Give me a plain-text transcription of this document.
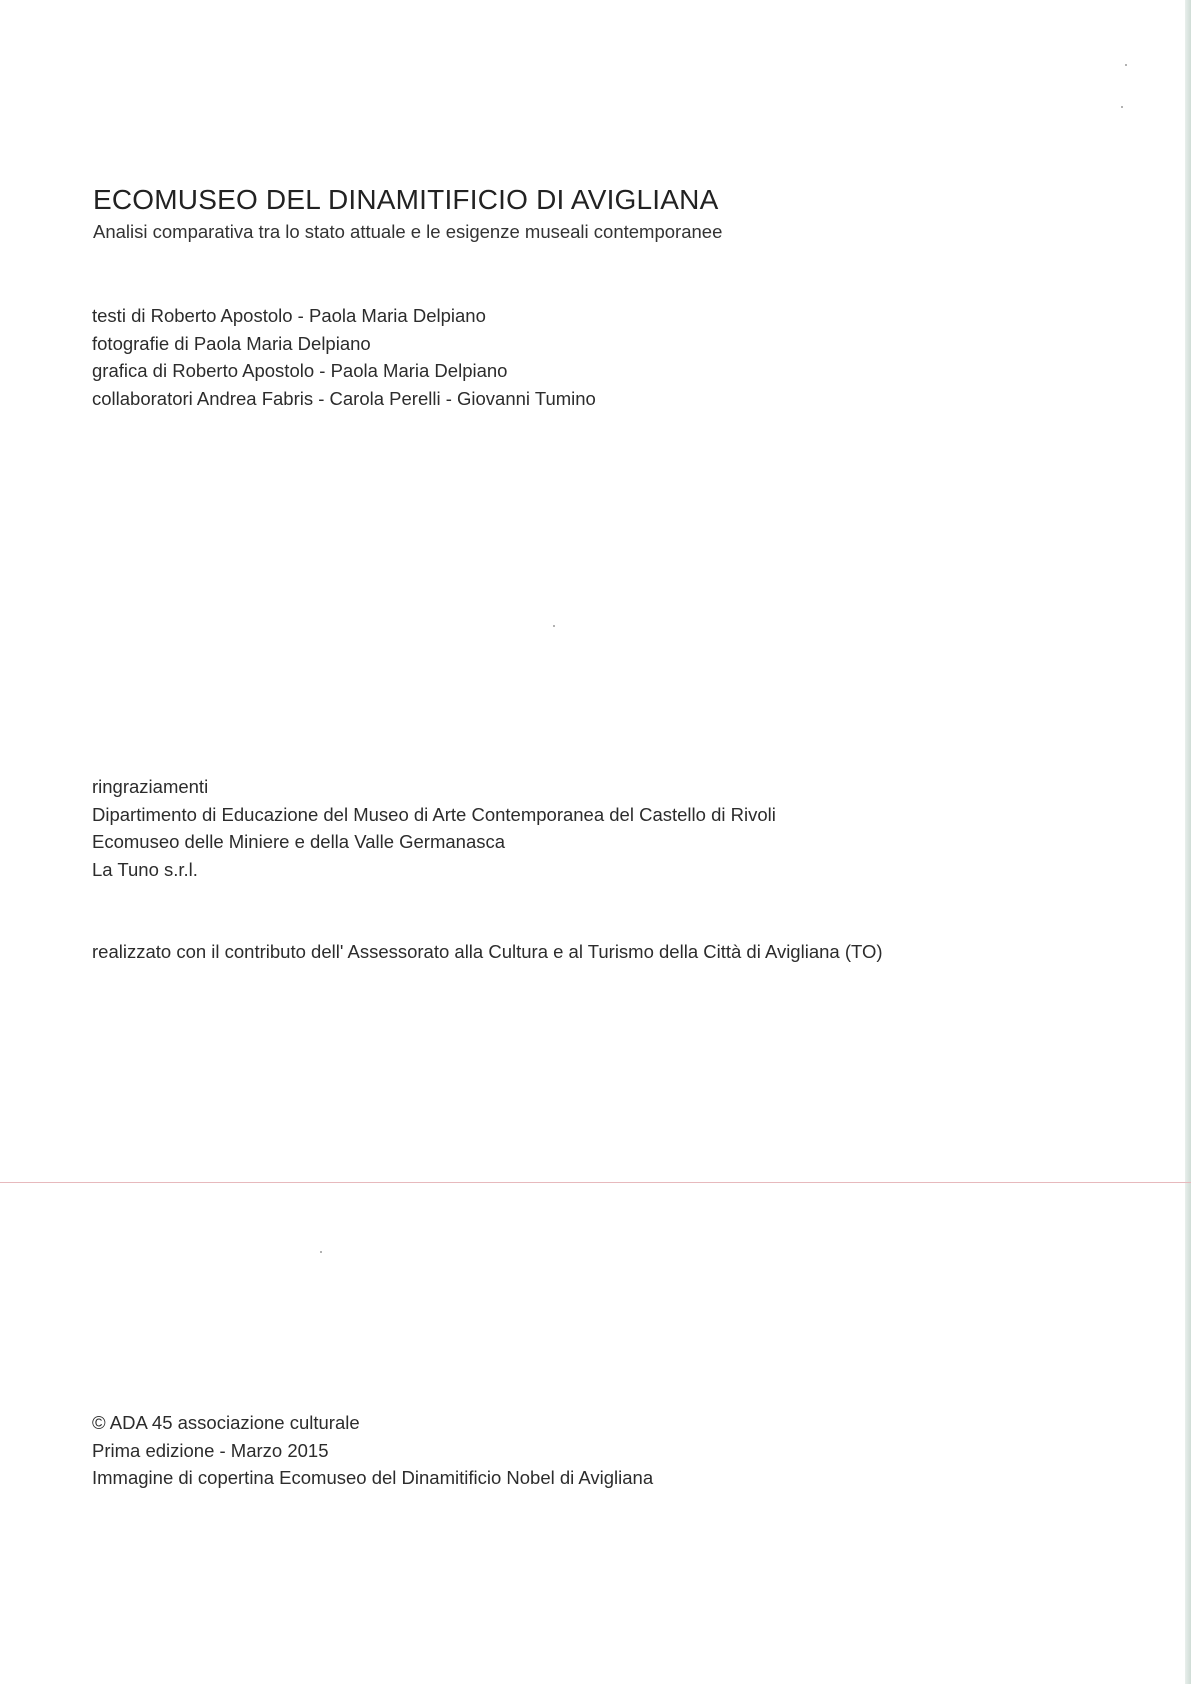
ECOMUSEO DEL DINAMITIFICIO DI AVIGLIANA

Analisi comparativa tra lo stato attuale e le esigenze museali contemporanee

testi di Roberto Apostolo - Paola Maria Delpiano
fotografie di Paola Maria Delpiano
grafica di Roberto Apostolo - Paola Maria Delpiano
collaboratori Andrea Fabris - Carola Perelli - Giovanni Tumino
ringraziamenti
Dipartimento di Educazione del Museo di Arte Contemporanea del Castello di Rivoli
Ecomuseo delle Miniere e della Valle Germanasca
La Tuno s.r.l.

realizzato con il contributo dell' Assessorato alla Cultura e al Turismo della Città di Avigliana (TO)

© ADA 45 associazione culturale
Prima edizione - Marzo 2015
Immagine di copertina Ecomuseo del Dinamitificio Nobel di Avigliana
